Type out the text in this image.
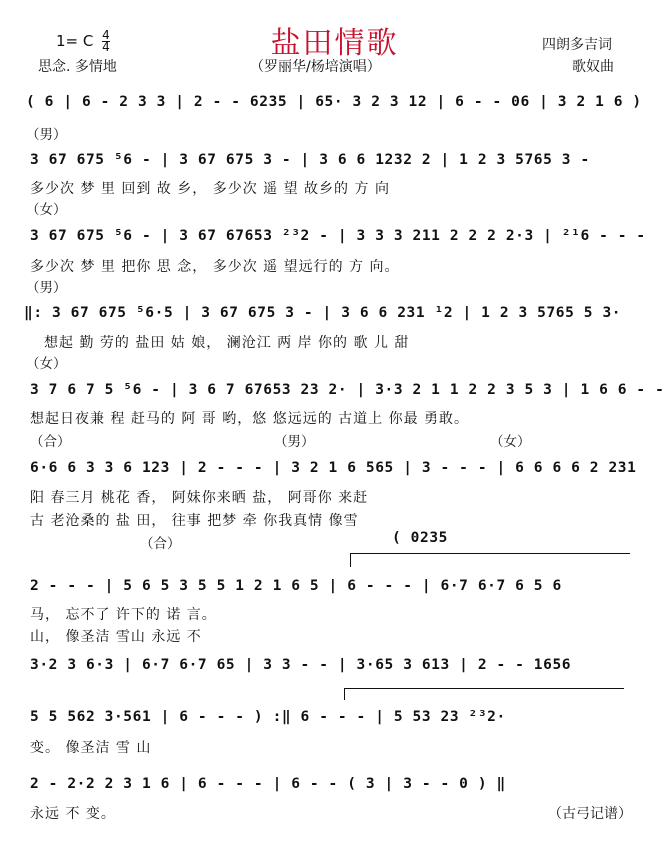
盐田情歌
1= C $\frac{4}{4}$
思念. 多情地	（罗丽华/杨培演唱）
四朗多吉词
歌奴曲
( 6 | 6 - 2 3 3 | 2 - - 6235 | 65· 3 2 3 12 | 6 - - 06 | 3 2 1 6 )
（男）
3 67 675 ⁵6 - | 3 67 675 3 - | 3 6 6 1232 2 | 1 2 3 5765 3 -
多少次 梦 里 回到 故 乡， 多少次 遥 望 故乡的 方 向
（女）
3 67 675 ⁵6 - | 3 67 67653 ²³2 - | 3 3 3 211 2 2 2 2·3 | ²¹6 - - -
多少次 梦 里 把你 思 念， 多少次 遥 望远行的 方 向。
（男）
‖: 3 67 675 ⁵6·5 | 3 67 675 3 - | 3 6 6 231 ¹2 | 1 2 3 5765 5 3·
想起 勤 劳的 盐田 姑 娘， 澜沧江 两 岸 你的 歌 儿 甜
（女）
3 7 6 7 5 ⁵6 - | 3 6 7 67653 23 2· | 3·3 2 1 1 2 2 3 5 3 | 1 6 6 - -
想起日夜兼 程 赶马的 阿 哥 哟，悠 悠远远的 古道上 你最 勇敢。
（合）	（男）	（女）
6·6 6 3 3 6 123 | 2 - - - | 3 2 1 6 565 | 3 - - - | 6 6 6 6 2 231
阳 春三月 桃花 香， 阿妹你来晒 盐， 阿哥你 来赶
古 老沧桑的 盐 田， 往事 把梦 牵 你我真情 像雪
（合）	( 0235
2 - - - | 5 6 5 3 5 5 1 2 1 6 5 | 6 - - - | 6·7 6·7 6 5 6
马， 忘不了 许下的 诺 言。
山， 像圣洁 雪山 永远 不
3·2 3 6·3 | 6·7 6·7 65 | 3 3 - - | 3·65 3 613 | 2 - - 1656
5 5 562 3·561 | 6 - - - ) :‖ 6 - - - | 5 53 23 ²³2·
变。 像圣洁 雪 山
2 - 2·2 2 3 1 6 | 6 - - - | 6 - - ( 3 | 3 - - 0 ) ‖
永远 不 变。	（古弓记谱）
